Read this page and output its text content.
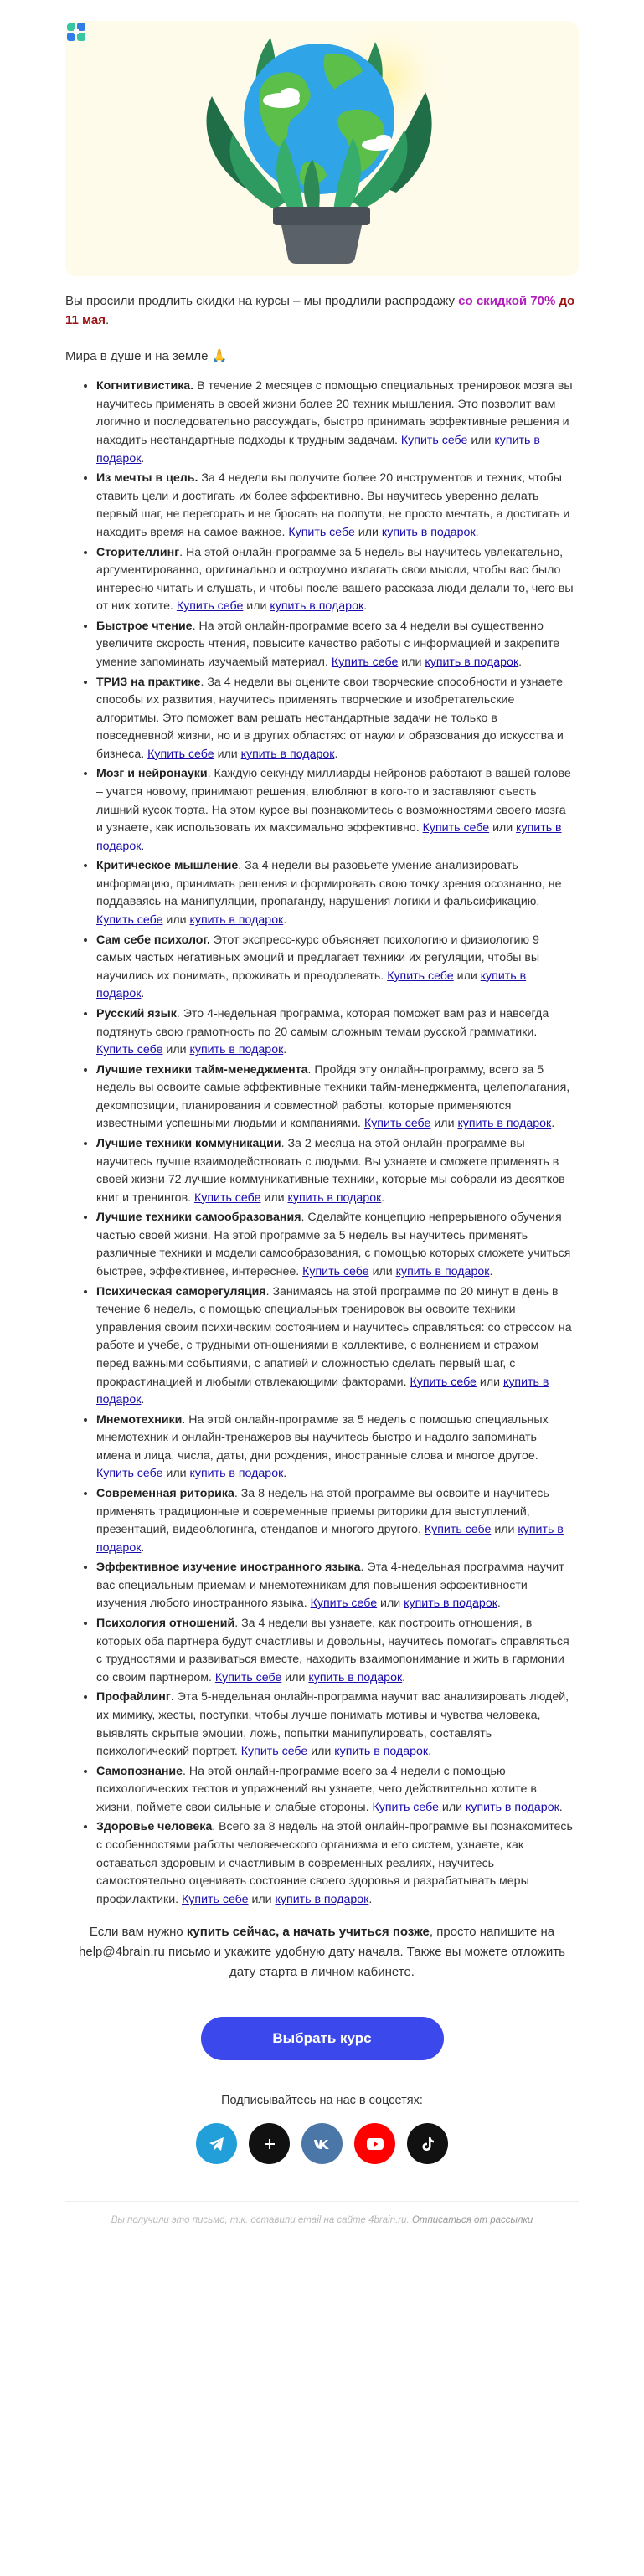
Вы просили продлить скидки на курсы – мы продлили распродажу со скидкой 70% до 11 мая.

Мира в душе и на земле 🙏

• Когнитивистика. В течение 2 месяцев с помощью специальных тренировок мозга вы научитесь применять в своей жизни более 20 техник мышления. Это позволит вам логично и последовательно рассуждать, быстро принимать эффективные решения и находить нестандартные подходы к трудным задачам. Купить себе или купить в подарок.
• Из мечты в цель. За 4 недели вы получите более 20 инструментов и техник, чтобы ставить цели и достигать их более эффективно. Вы научитесь уверенно делать первый шаг, не перегорать и не бросать на полпути, не просто мечтать, а достигать и находить время на самое важное. Купить себе или купить в подарок.
• Сторителлинг. На этой онлайн-программе за 5 недель вы научитесь увлекательно, аргументированно, оригинально и остроумно излагать свои мысли, чтобы вас было интересно читать и слушать, и чтобы после вашего рассказа люди делали то, чего вы от них хотите. Купить себе или купить в подарок.
• Быстрое чтение. На этой онлайн-программе всего за 4 недели вы существенно увеличите скорость чтения, повысите качество работы с информацией и закрепите умение запоминать изучаемый материал. Купить себе или купить в подарок.
• ТРИЗ на практике. За 4 недели вы оцените свои творческие способности и узнаете способы их развития, научитесь применять творческие и изобретательские алгоритмы. Это поможет вам решать нестандартные задачи не только в повседневной жизни, но и в других областях: от науки и образования до искусства и бизнеса. Купить себе или купить в подарок.
• Мозг и нейронауки. Каждую секунду миллиарды нейронов работают в вашей голове – учатся новому, принимают решения, влюбляют в кого-то и заставляют съесть лишний кусок торта. На этом курсе вы познакомитесь с возможностями своего мозга и узнаете, как использовать их максимально эффективно. Купить себе или купить в подарок.
• Критическое мышление. За 4 недели вы разовьете умение анализировать информацию, принимать решения и формировать свою точку зрения осознанно, не поддаваясь на манипуляции, пропаганду, нарушения логики и фальсификацию. Купить себе или купить в подарок.
• Сам себе психолог. Этот экспресс-курс объясняет психологию и физиологию 9 самых частых негативных эмоций и предлагает техники их регуляции, чтобы вы научились их понимать, проживать и преодолевать. Купить себе или купить в подарок.
• Русский язык. Это 4-недельная программа, которая поможет вам раз и навсегда подтянуть свою грамотность по 20 самым сложным темам русской грамматики. Купить себе или купить в подарок.
• Лучшие техники тайм-менеджмента. Пройдя эту онлайн-программу, всего за 5 недель вы освоите самые эффективные техники тайм-менеджмента, целеполагания, декомпозиции, планирования и совместной работы, которые применяются известными успешными людьми и компаниями. Купить себе или купить в подарок.
• Лучшие техники коммуникации. За 2 месяца на этой онлайн-программе вы научитесь лучше взаимодействовать с людьми. Вы узнаете и сможете применять в своей жизни 72 лучшие коммуникативные техники, которые мы собрали из десятков книг и тренингов. Купить себе или купить в подарок.
• Лучшие техники самообразования. Сделайте концепцию непрерывного обучения частью своей жизни. На этой программе за 5 недель вы научитесь применять различные техники и модели самообразования, с помощью которых сможете учиться быстрее, эффективнее, интереснее. Купить себе или купить в подарок.
• Психическая саморегуляция. Занимаясь на этой программе по 20 минут в день в течение 6 недель, с помощью специальных тренировок вы освоите техники управления своим психическим состоянием и научитесь справляться: со стрессом на работе и учебе, с трудными отношениями в коллективе, с волнением и страхом перед важными событиями, с апатией и сложностью сделать первый шаг, с прокрастинацией и любыми отвлекающими факторами. Купить себе или купить в подарок.
• Мнемотехники. На этой онлайн-программе за 5 недель с помощью специальных мнемотехник и онлайн-тренажеров вы научитесь быстро и надолго запоминать имена и лица, числа, даты, дни рождения, иностранные слова и многое другое. Купить себе или купить в подарок.
• Современная риторика. За 8 недель на этой программе вы освоите и научитесь применять традиционные и современные приемы риторики для выступлений, презентаций, видеоблогинга, стендапов и многого другого. Купить себе или купить в подарок.
• Эффективное изучение иностранного языка. Эта 4-недельная программа научит вас специальным приемам и мнемотехникам для повышения эффективности изучения любого иностранного языка. Купить себе или купить в подарок.
• Психология отношений. За 4 недели вы узнаете, как построить отношения, в которых оба партнера будут счастливы и довольны, научитесь помогать справляться с трудностями и развиваться вместе, находить взаимопонимание и жить в гармонии со своим партнером. Купить себе или купить в подарок.
• Профайлинг. Эта 5-недельная онлайн-программа научит вас анализировать людей, их мимику, жесты, поступки, чтобы лучше понимать мотивы и чувства человека, выявлять скрытые эмоции, ложь, попытки манипулировать, составлять психологический портрет. Купить себе или купить в подарок.
• Самопознание. На этой онлайн-программе всего за 4 недели с помощью психологических тестов и упражнений вы узнаете, чего действительно хотите в жизни, поймете свои сильные и слабые стороны. Купить себе или купить в подарок.
• Здоровье человека. Всего за 8 недель на этой онлайн-программе вы познакомитесь с особенностями работы человеческого организма и его систем, узнаете, как оставаться здоровым и счастливым в современных реалиях, научитесь самостоятельно оценивать состояние своего здоровья и разрабатывать меры профилактики. Купить себе или купить в подарок.

Если вам нужно купить сейчас, а начать учиться позже, просто напишите на help@4brain.ru письмо и укажите удобную дату начала. Также вы можете отложить дату старта в личном кабинете.

Выбрать курс
Подписывайтесь на нас в соцсетях:
Вы получили это письмо, т.к. оставили email на сайте 4brain.ru. Отписаться от рассылки
